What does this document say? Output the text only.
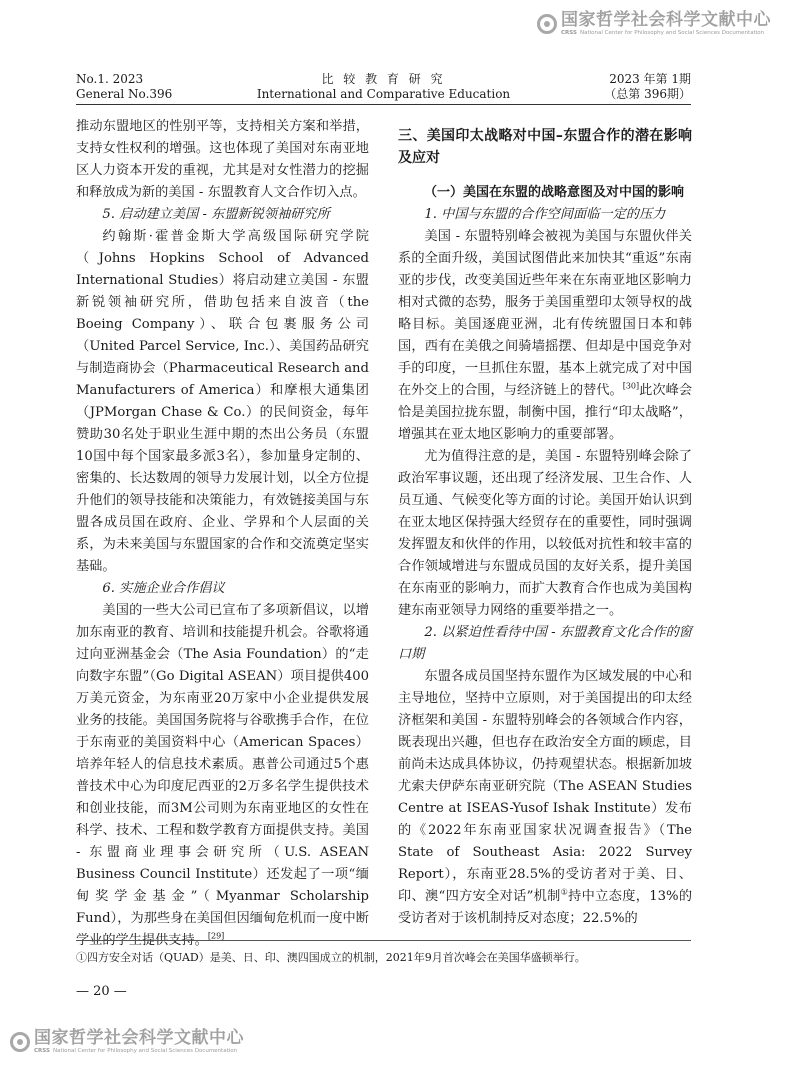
国家哲学社会科学文献中心
CRSS National Center for Philosophy and Social Sciences Documentation
No.1. 2023
General No.396
比 较 教 育 研 究
International and Comparative Education
2023 年第 1期
（总第 396期）

推动东盟地区的性别平等，支持相关方案和举措，支持女性权利的增强。这也体现了美国对东南亚地区人力资本开发的重视，尤其是对女性潜力的挖掘和释放成为新的美国 - 东盟教育人文合作切入点。

5. 启动建立美国 - 东盟新锐领袖研究所

约翰斯·霍普金斯大学高级国际研究学院（Johns Hopkins School of Advanced International Studies）将启动建立美国 - 东盟新锐领袖研究所，借助包括来自波音（the Boeing Company）、联合包裹服务公司（United Parcel Service, Inc.）、美国药品研究与制造商协会（Pharmaceutical Research and Manufacturers of America）和摩根大通集团（JPMorgan Chase & Co.）的民间资金，每年赞助30名处于职业生涯中期的杰出公务员（东盟10国中每个国家最多派3名），参加量身定制的、密集的、长达数周的领导力发展计划，以全方位提升他们的领导技能和决策能力，有效链接美国与东盟各成员国在政府、企业、学界和个人层面的关系，为未来美国与东盟国家的合作和交流奠定坚实基础。

6. 实施企业合作倡议

美国的一些大公司已宣布了多项新倡议，以增加东南亚的教育、培训和技能提升机会。谷歌将通过向亚洲基金会（The Asia Foundation）的“走向数字东盟”（Go Digital ASEAN）项目提供400万美元资金，为东南亚20万家中小企业提供发展业务的技能。美国国务院将与谷歌携手合作，在位于东南亚的美国资料中心（American Spaces）培养年轻人的信息技术素质。惠普公司通过5个惠普技术中心为印度尼西亚的2万多名学生提供技术和创业技能，而3M公司则为东南亚地区的女性在科学、技术、工程和数学教育方面提供支持。美国 - 东盟商业理事会研究所（U.S. ASEAN Business Council Institute）还发起了一项“缅甸奖学金基金”（Myanmar Scholarship Fund），为那些身在美国但因缅甸危机而一度中断学业的学生提供支持。[29]

三、美国印太战略对中国–东盟合作的潜在影响及应对

（一）美国在东盟的战略意图及对中国的影响

1. 中国与东盟的合作空间面临一定的压力

美国 - 东盟特别峰会被视为美国与东盟伙伴关系的全面升级，美国试图借此来加快其“重返”东南亚的步伐，改变美国近些年来在东南亚地区影响力相对式微的态势，服务于美国重塑印太领导权的战略目标。美国逐鹿亚洲，北有传统盟国日本和韩国，西有在美俄之间骑墙摇摆、但却是中国竞争对手的印度，一旦抓住东盟，基本上就完成了对中国在外交上的合围，与经济链上的替代。[30]此次峰会恰是美国拉拢东盟，制衡中国，推行“印太战略”，增强其在亚太地区影响力的重要部署。

尤为值得注意的是，美国 - 东盟特别峰会除了政治军事议题，还出现了经济发展、卫生合作、人员互通、气候变化等方面的讨论。美国开始认识到在亚太地区保持强大经贸存在的重要性，同时强调发挥盟友和伙伴的作用，以较低对抗性和较丰富的合作领域增进与东盟成员国的友好关系，提升美国在东南亚的影响力，而扩大教育合作也成为美国构建东南亚领导力网络的重要举措之一。

2. 以紧迫性看待中国 - 东盟教育文化合作的窗口期

东盟各成员国坚持东盟作为区域发展的中心和主导地位，坚持中立原则，对于美国提出的印太经济框架和美国 - 东盟特别峰会的各领域合作内容，既表现出兴趣，但也存在政治安全方面的顾虑，目前尚未达成具体协议，仍持观望状态。根据新加坡尤索夫伊萨东南亚研究院（The ASEAN Studies Centre at ISEAS-Yusof Ishak Institute）发布的《2022年东南亚国家状况调查报告》（The State of Southeast Asia: 2022 Survey Report），东南亚28.5%的受访者对于美、日、印、澳“四方安全对话”机制①持中立态度，13%的受访者对于该机制持反对态度；22.5%的

①四方安全对话（QUAD）是美、日、印、澳四国成立的机制，2021年9月首次峰会在美国华盛顿举行。
— 20 —
国家哲学社会科学文献中心
CRSS National Center for Philosophy and Social Sciences Documentation
